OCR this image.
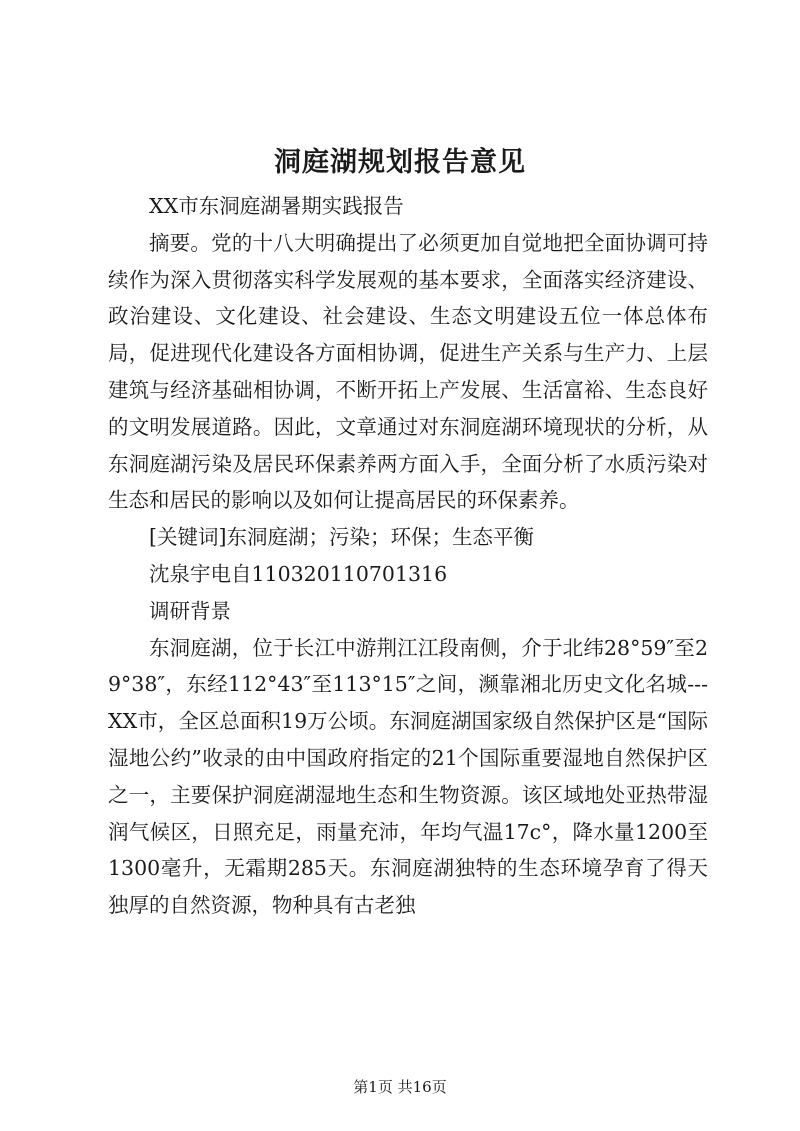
洞庭湖规划报告意见

XX市东洞庭湖暑期实践报告

摘要。党的十八大明确提出了必须更加自觉地把全面协调可持续作为深入贯彻落实科学发展观的基本要求，全面落实经济建设、政治建设、文化建设、社会建设、生态文明建设五位一体总体布局，促进现代化建设各方面相协调，促进生产关系与生产力、上层建筑与经济基础相协调，不断开拓上产发展、生活富裕、生态良好的文明发展道路。因此，文章通过对东洞庭湖环境现状的分析，从东洞庭湖污染及居民环保素养两方面入手，全面分析了水质污染对生态和居民的影响以及如何让提高居民的环保素养。

[关键词]东洞庭湖；污染；环保；生态平衡

沈泉宇电自110320110701316

调研背景

东洞庭湖，位于长江中游荆江江段南侧，介于北纬28°59″至29°38″，东经112°43″至113°15″之间，濒靠湘北历史文化名城---XX市，全区总面积19万公顷。东洞庭湖国家级自然保护区是“国际湿地公约”收录的由中国政府指定的21个国际重要湿地自然保护区之一，主要保护洞庭湖湿地生态和生物资源。该区域地处亚热带湿润气候区，日照充足，雨量充沛，年均气温17c°，降水量1200至1300毫升，无霜期285天。东洞庭湖独特的生态环境孕育了得天独厚的自然资源，物种具有古老独

第1页 共16页
